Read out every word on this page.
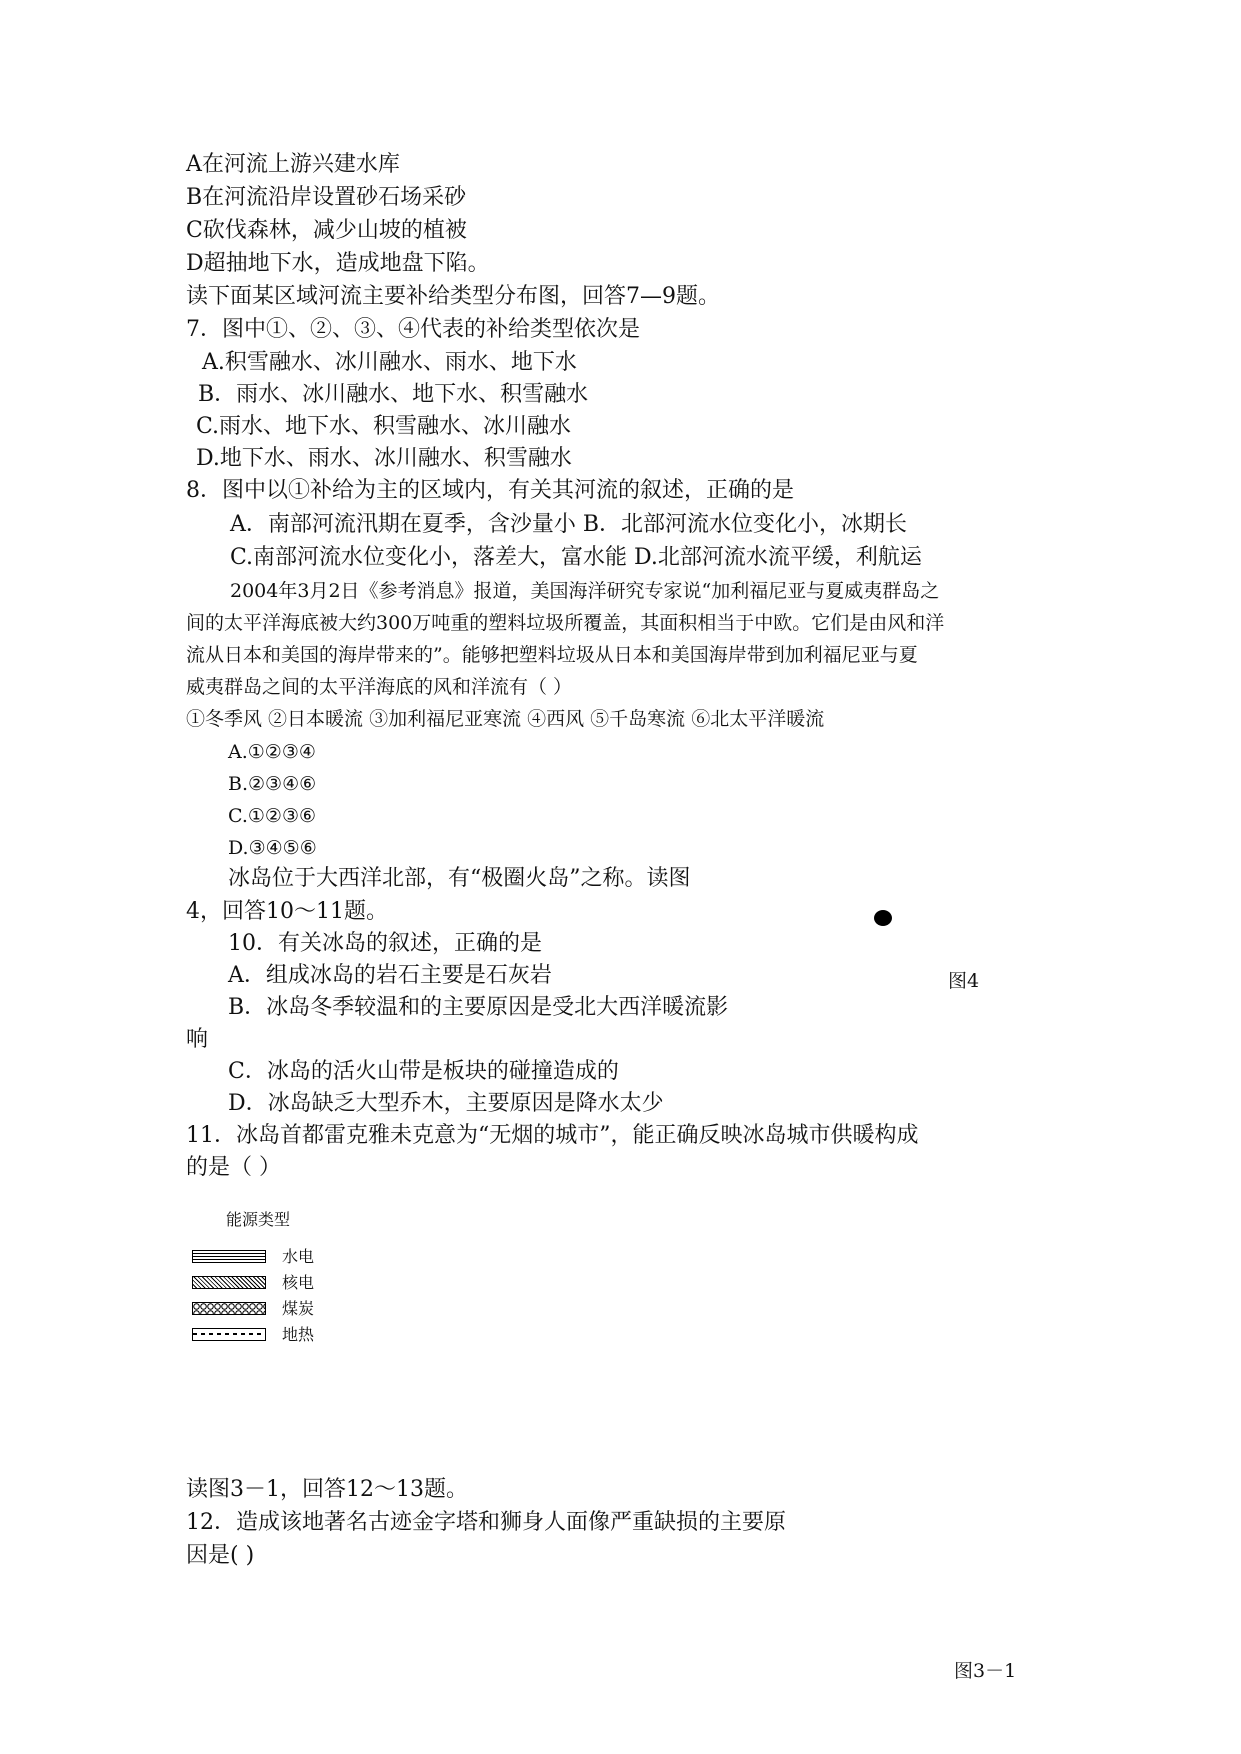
A在河流上游兴建水库
B在河流沿岸设置砂石场采砂
C砍伐森林，减少山坡的植被
D超抽地下水，造成地盘下陷。
读下面某区域河流主要补给类型分布图，回答7—9题。
7．图中①、②、③、④代表的补给类型依次是
A.积雪融水、冰川融水、雨水、地下水
B．雨水、冰川融水、地下水、积雪融水
C.雨水、地下水、积雪融水、冰川融水
D.地下水、雨水、冰川融水、积雪融水
8．图中以①补给为主的区域内，有关其河流的叙述，正确的是
A．南部河流汛期在夏季，含沙量小 B．北部河流水位变化小，冰期长
C.南部河流水位变化小，落差大，富水能 D.北部河流水流平缓，利航运
2004年3月2日《参考消息》报道，美国海洋研究专家说“加利福尼亚与夏威夷群岛之
间的太平洋海底被大约300万吨重的塑料垃圾所覆盖，其面积相当于中欧。它们是由风和洋
流从日本和美国的海岸带来的”。能够把塑料垃圾从日本和美国海岸带到加利福尼亚与夏
威夷群岛之间的太平洋海底的风和洋流有（ ）
①冬季风 ②日本暖流 ③加利福尼亚寒流 ④西风 ⑤千岛寒流 ⑥北太平洋暖流
A.①②③④
B.②③④⑥
C.①②③⑥
D.③④⑤⑥
冰岛位于大西洋北部，有“极圈火岛”之称。读图
4，回答10～11题。
10．有关冰岛的叙述，正确的是
A．组成冰岛的岩石主要是石灰岩	图4
B．冰岛冬季较温和的主要原因是受北大西洋暖流影
响
C．冰岛的活火山带是板块的碰撞造成的
D．冰岛缺乏大型乔木，主要原因是降水太少
11．冰岛首都雷克雅未克意为“无烟的城市”，能正确反映冰岛城市供暖构成
的是（ ）
能源类型
水电
核电
煤炭
地热
读图3－1，回答12～13题。
12．造成该地著名古迹金字塔和狮身人面像严重缺损的主要原
因是( )
图3－1
